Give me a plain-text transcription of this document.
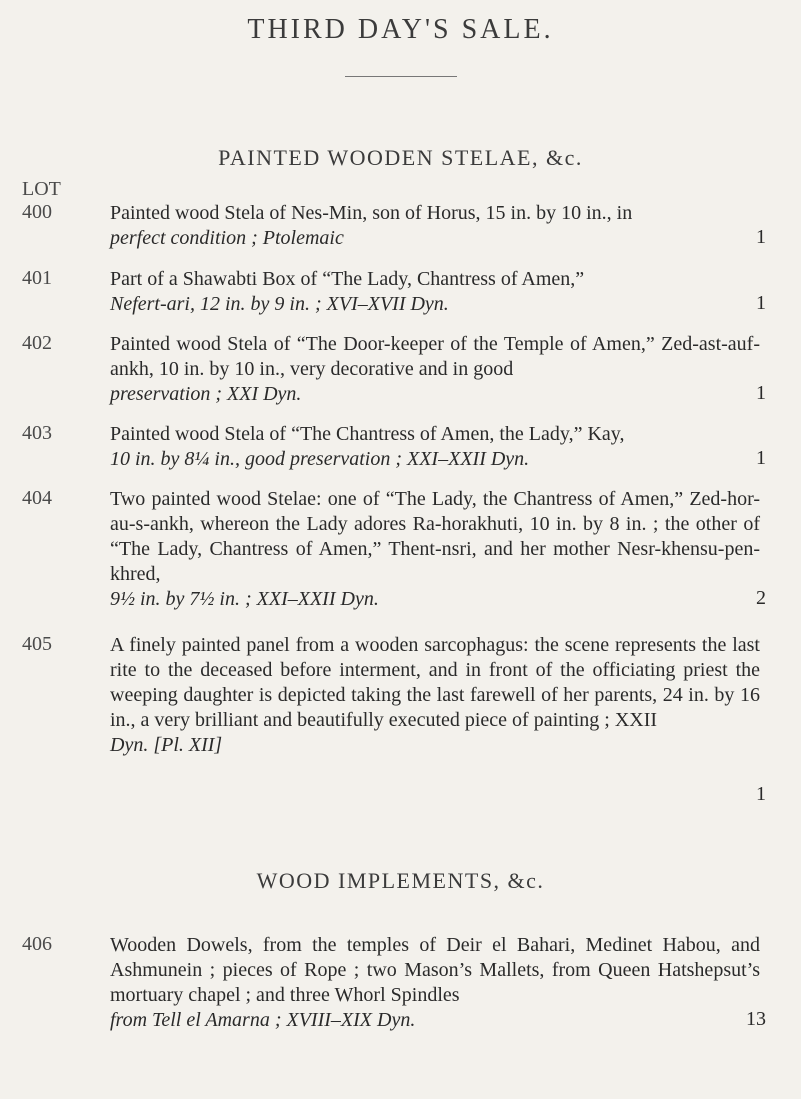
THIRD DAY'S SALE.
PAINTED WOODEN STELAE, &c.
LOT
400	Painted wood Stela of Nes-Min, son of Horus, 15 in. by 10 in., in
perfect condition ; Ptolemaic	1
401	Part of a Shawabti Box of “The Lady, Chantress of Amen,”
Nefert-ari, 12 in. by 9 in. ; XVI–XVII Dyn.	1
402	Painted wood Stela of “The Door-keeper of the Temple of Amen,” Zed-ast-auf-ankh, 10 in. by 10 in., very decorative and in good
preservation ; XXI Dyn.	1
403	Painted wood Stela of “The Chantress of Amen, the Lady,” Kay,
10 in. by 8¼ in., good preservation ; XXI–XXII Dyn.	1
404	Two painted wood Stelae: one of “The Lady, the Chantress of Amen,” Zed-hor-au-s-ankh, whereon the Lady adores Ra-horakhuti, 10 in. by 8 in. ; the other of “The Lady, Chantress of Amen,” Thent-nsri, and her mother Nesr-khensu-pen-khred,
9½ in. by 7½ in. ; XXI–XXII Dyn.	2
405	A finely painted panel from a wooden sarcophagus: the scene represents the last rite to the deceased before interment, and in front of the officiating priest the weeping daughter is depicted taking the last farewell of her parents, 24 in. by 16 in., a very brilliant and beautifully executed piece of painting ; XXII
Dyn. [Pl. XII]
1
WOOD IMPLEMENTS, &c.
406	Wooden Dowels, from the temples of Deir el Bahari, Medinet Habou, and Ashmunein ; pieces of Rope ; two Mason’s Mallets, from Queen Hatshepsut’s mortuary chapel ; and three Whorl Spindles
from Tell el Amarna ; XVIII–XIX Dyn.	13
